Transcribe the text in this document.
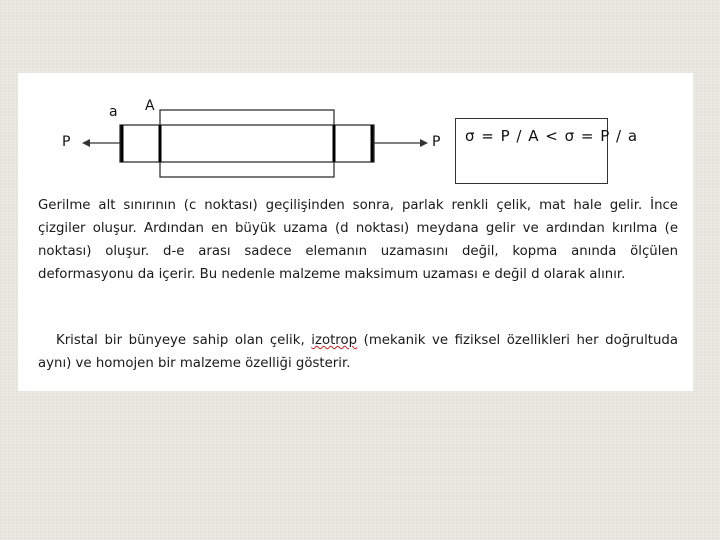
a A
P	P σ = P / A < σ = P / a

Gerilme alt sınırının (c noktası) geçilişinden sonra, parlak renkli çelik, mat hale gelir. İnce çizgiler oluşur. Ardından en büyük uzama (d noktası) meydana gelir ve ardından kırılma (e noktası) oluşur. d-e arası sadece elemanın uzamasını değil, kopma anında ölçülen deformasyonu da içerir. Bu nedenle malzeme maksimum uzaması e değil d olarak alınır.

Kristal bir bünyeye sahip olan çelik, izotrop (mekanik ve fiziksel özellikleri her doğrultuda aynı) ve homojen bir malzeme özelliği gösterir.
